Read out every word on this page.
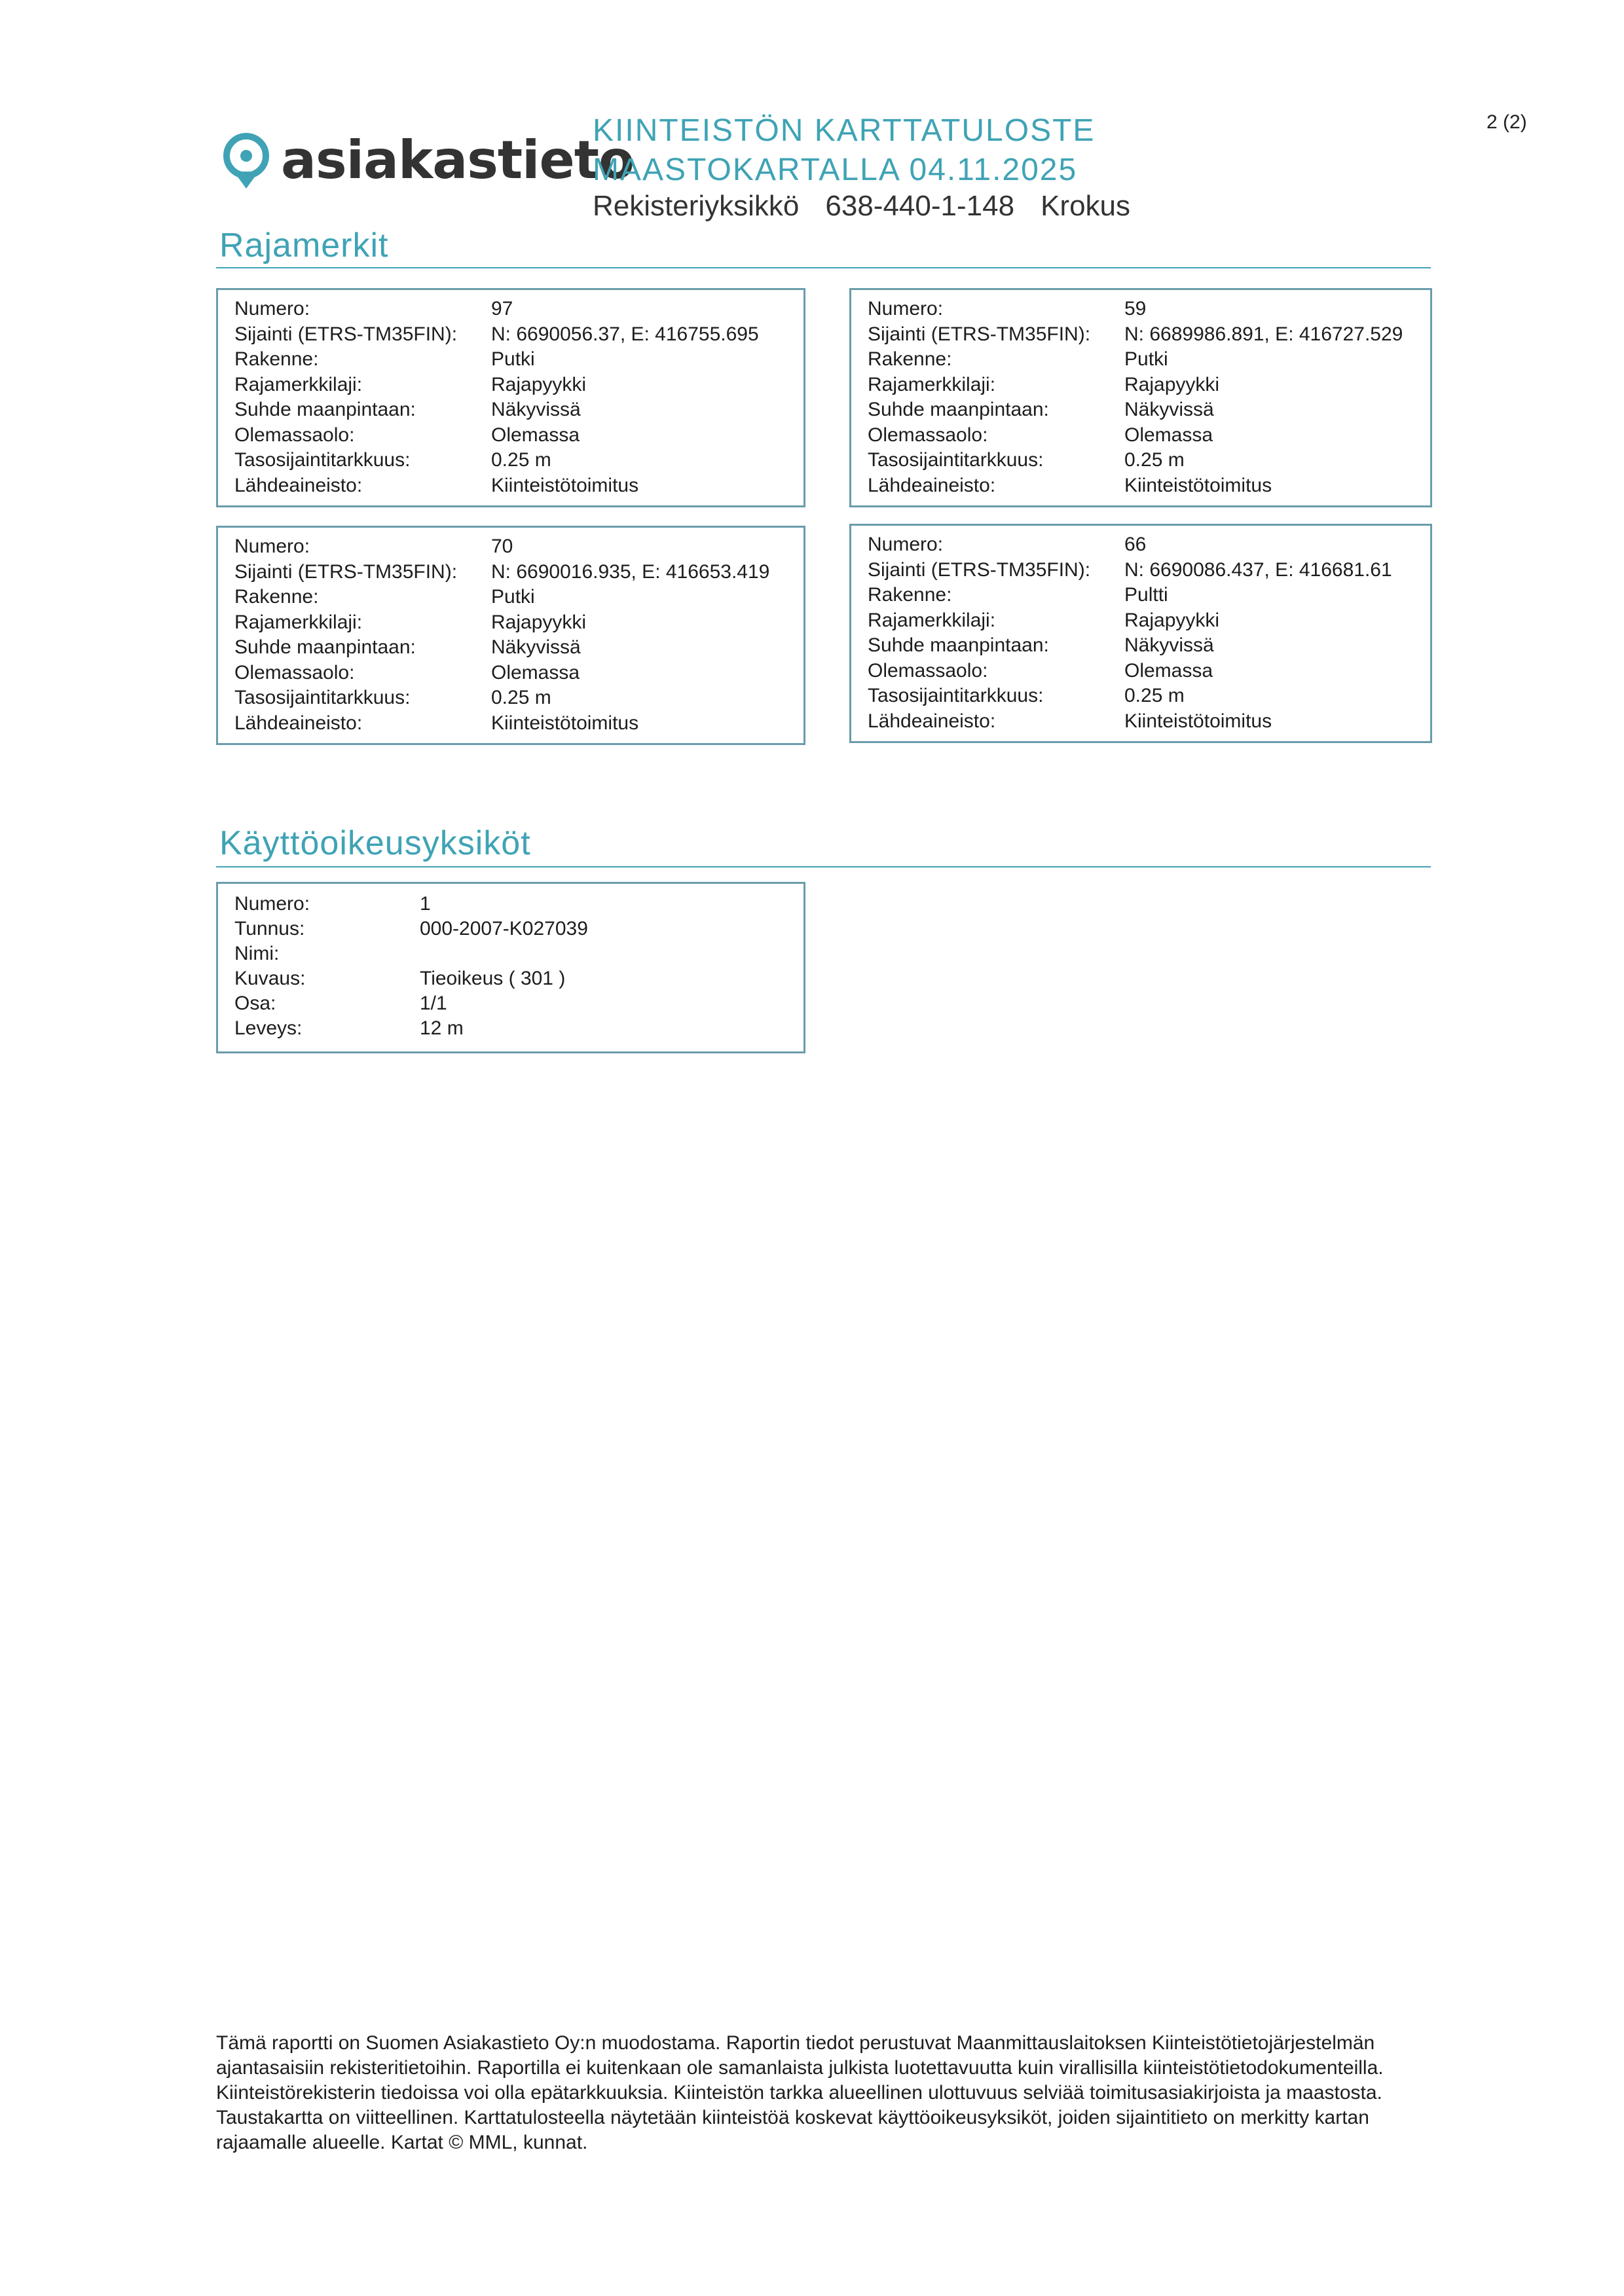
2 (2)
asiakastieto
KIINTEISTÖN KARTTATULOSTE
MAASTOKARTALLA 04.11.2025
Rekisteriyksikkö 638-440-1-148 Krokus
Rajamerkit
Numero:	97
Sijainti (ETRS-TM35FIN): N: 6690056.37, E: 416755.695
Rakenne:	Putki
Rajamerkkilaji:	Rajapyykki
Suhde maanpintaan:	Näkyvissä
Olemassaolo:	Olemassa
Tasosijaintitarkkuus:	0.25 m
Lähdeaineisto:	Kiinteistötoimitus
Numero:	59
Sijainti (ETRS-TM35FIN): N: 6689986.891, E: 416727.529
Rakenne:	Putki
Rajamerkkilaji:	Rajapyykki
Suhde maanpintaan:	Näkyvissä
Olemassaolo:	Olemassa
Tasosijaintitarkkuus:	0.25 m
Lähdeaineisto:	Kiinteistötoimitus
Numero:	70
Sijainti (ETRS-TM35FIN): N: 6690016.935, E: 416653.419
Rakenne:	Putki
Rajamerkkilaji:	Rajapyykki
Suhde maanpintaan:	Näkyvissä
Olemassaolo:	Olemassa
Tasosijaintitarkkuus:	0.25 m
Lähdeaineisto:	Kiinteistötoimitus
Numero:	66
Sijainti (ETRS-TM35FIN): N: 6690086.437, E: 416681.61
Rakenne:	Pultti
Rajamerkkilaji:	Rajapyykki
Suhde maanpintaan:	Näkyvissä
Olemassaolo:	Olemassa
Tasosijaintitarkkuus:	0.25 m
Lähdeaineisto:	Kiinteistötoimitus
Käyttöoikeusyksiköt
Numero:	1
Tunnus:	000-2007-K027039
Nimi:
Kuvaus:	Tieoikeus ( 301 )
Osa:	1/1
Leveys:	12 m
Tämä raportti on Suomen Asiakastieto Oy:n muodostama. Raportin tiedot perustuvat Maanmittauslaitoksen Kiinteistötietojärjestelmän ajantasaisiin rekisteritietoihin. Raportilla ei kuitenkaan ole samanlaista julkista luotettavuutta kuin virallisilla kiinteistötietodokumenteilla. Kiinteistörekisterin tiedoissa voi olla epätarkkuuksia. Kiinteistön tarkka alueellinen ulottuvuus selviää toimitusasiakirjoista ja maastosta. Taustakartta on viitteellinen. Karttatulosteella näytetään kiinteistöä koskevat käyttöoikeusyksiköt, joiden sijaintitieto on merkitty kartan rajaamalle alueelle. Kartat © MML, kunnat.
